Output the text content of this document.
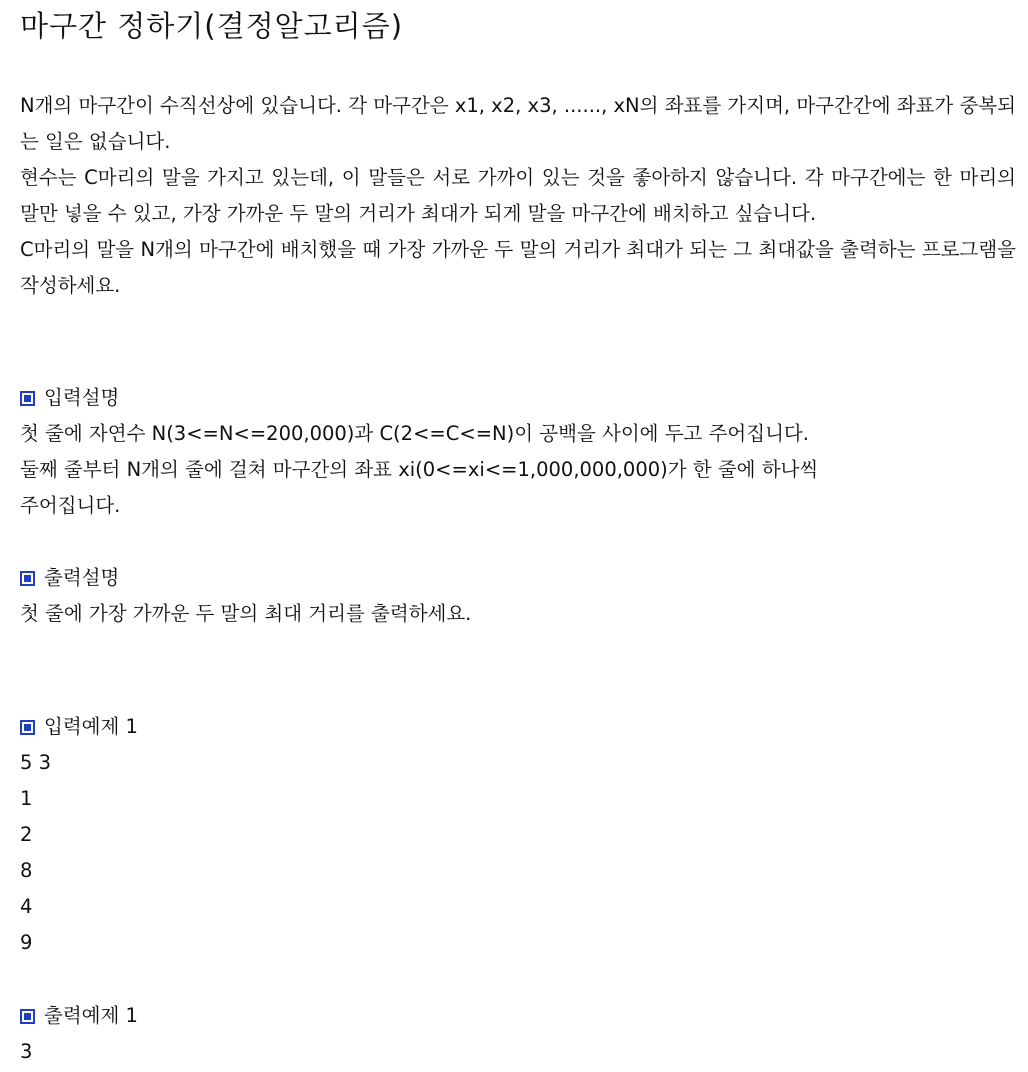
마구간 정하기(결정알고리즘)
N개의 마구간이 수직선상에 있습니다. 각 마구간은 x1, x2, x3, ......, xN의 좌표를 가지며, 마구간간에 좌표가 중복되는 일은 없습니다.
현수는 C마리의 말을 가지고 있는데, 이 말들은 서로 가까이 있는 것을 좋아하지 않습니다. 각 마구간에는 한 마리의 말만 넣을 수 있고, 가장 가까운 두 말의 거리가 최대가 되게 말을 마구간에 배치하고 싶습니다.
C마리의 말을 N개의 마구간에 배치했을 때 가장 가까운 두 말의 거리가 최대가 되는 그 최대값을 출력하는 프로그램을 작성하세요.
입력설명
첫 줄에 자연수 N(3<=N<=200,000)과 C(2<=C<=N)이 공백을 사이에 두고 주어집니다.
둘째 줄부터 N개의 줄에 걸쳐 마구간의 좌표 xi(0<=xi<=1,000,000,000)가 한 줄에 하나씩
주어집니다.
출력설명
첫 줄에 가장 가까운 두 말의 최대 거리를 출력하세요.
입력예제 1
5 3
1
2
8
4
9
출력예제 1
3
